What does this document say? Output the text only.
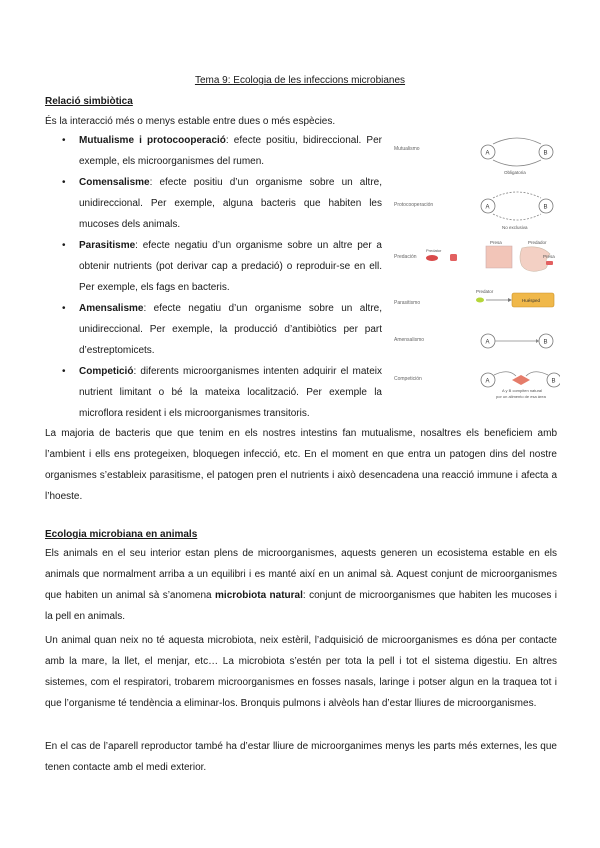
Tema 9: Ecologia de les infeccions microbianes
Relació simbiòtica

És la interacció més o menys estable entre dues o més espècies.

• Mutualisme i protocooperació: efecte positiu, bidireccional. Per exemple, els microorganismes del rumen.
• Comensalisme: efecte positiu d’un organisme sobre un altre, unidireccional. Per exemple, alguna bacteris que habiten les mucoses dels animals.
• Parasitisme: efecte negatiu d’un organisme sobre un altre per a obtenir nutrients (pot derivar cap a predació) o reproduir-se en ell. Per exemple, els fags en bacteris.
• Amensalisme: efecte negatiu d’un organisme sobre un altre, unidireccional. Per exemple, la producció d’antibiòtics per part d’estreptomicets.
• Competició: diferents microorganismes intenten adquirir el mateix nutrient limitant o bé la mateixa localització. Per exemple la microflora resident i els microorganismes transitoris.
Mutualismo
A	B
Obligatoria
Protocooperación	A	B
No exclusiva
Predación
Presa	Predador
Predator
Presa
Parasitismo
Predator
Huésped
Amensalismo	A	B
Competición	A	B
A y B compiten natural
por un alimento de esa área

La majoria de bacteris que que tenim en els nostres intestins fan mutualisme, nosaltres els beneficiem amb l’ambient i ells ens protegeixen, bloquegen infecció, etc. En el moment en que entra un patogen dins del nostre organismes s’estableix parasitisme, el patogen pren el nutrients i això desencadena una reacció immune i afecta a l’hoeste.

Ecologia microbiana en animals

Els animals en el seu interior estan plens de microorganismes, aquests generen un ecosistema estable en els animals que normalment arriba a un equilibri i es manté així en un animal sà. Aquest conjunt de microorganismes que habiten un animal sà s’anomena microbiota natural: conjunt de microorganismes que habiten les mucoses i la pell en animals.

Un animal quan neix no té aquesta microbiota, neix estèril, l’adquisició de microorganismes es dóna per contacte amb la mare, la llet, el menjar, etc… La microbiota s’estén per tota la pell i tot el sistema digestiu. En altres sistemes, com el respiratori, trobarem microorganismes en fosses nasals, laringe i potser algun en la traquea tot i que l’organisme té tendència a eliminar-los. Bronquis pulmons i alvèols han d’estar lliures de microorganismes.

En el cas de l’aparell reproductor també ha d’estar lliure de microorganimes menys les parts més externes, les que tenen contacte amb el medi exterior.
